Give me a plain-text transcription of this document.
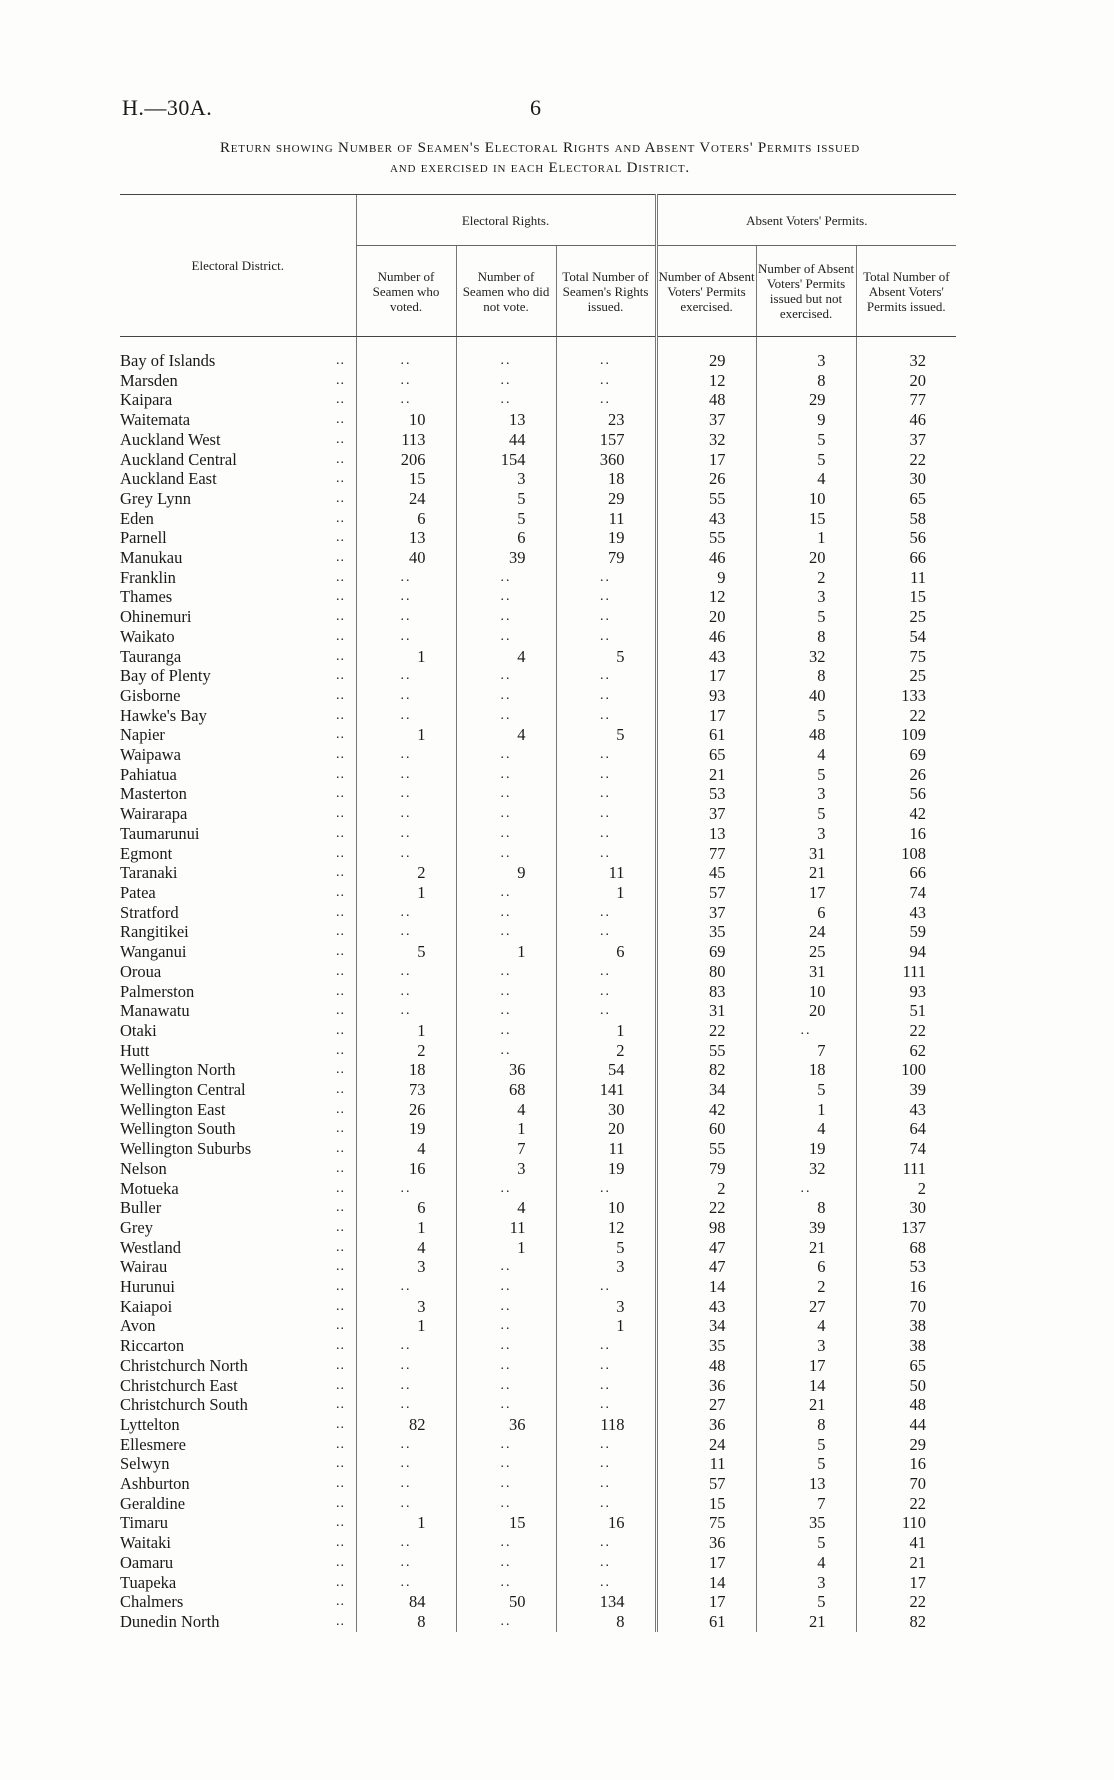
H.—30A.	6
Return showing Number of Seamen's Electoral Rights and Absent Voters' Permits issued
and exercised in each Electoral District.
Electoral District.		Electoral Rights.			Absent Voters' Permits.		
		Number of Seamen who voted.	Number of Seamen who did not vote.	Total Number of Seamen's Rights issued.	Number of Absent Voters' Permits exercised.	Number of Absent Voters' Permits issued but not exercised.	Total Number of Absent Voters' Permits issued.
Bay of Islands	..	..	..	..	29	3	32
Marsden	..	..	..	..	12	8	20
Kaipara	..	..	..	..	48	29	77
Waitemata	..	10	13	23	37	9	46
Auckland West	..	113	44	157	32	5	37
Auckland Central	..	206	154	360	17	5	22
Auckland East	..	15	3	18	26	4	30
Grey Lynn	..	24	5	29	55	10	65
Eden	..	6	5	11	43	15	58
Parnell	..	13	6	19	55	1	56
Manukau	..	40	39	79	46	20	66
Franklin	..	..	..	..	9	2	11
Thames	..	..	..	..	12	3	15
Ohinemuri	..	..	..	..	20	5	25
Waikato	..	..	..	..	46	8	54
Tauranga	..	1	4	5	43	32	75
Bay of Plenty	..	..	..	..	17	8	25
Gisborne	..	..	..	..	93	40	133
Hawke's Bay	..	..	..	..	17	5	22
Napier	..	1	4	5	61	48	109
Waipawa	..	..	..	..	65	4	69
Pahiatua	..	..	..	..	21	5	26
Masterton	..	..	..	..	53	3	56
Wairarapa	..	..	..	..	37	5	42
Taumarunui	..	..	..	..	13	3	16
Egmont	..	..	..	..	77	31	108
Taranaki	..	2	9	11	45	21	66
Patea	..	1	..	1	57	17	74
Stratford	..	..	..	..	37	6	43
Rangitikei	..	..	..	..	35	24	59
Wanganui	..	5	1	6	69	25	94
Oroua	..	..	..	..	80	31	111
Palmerston	..	..	..	..	83	10	93
Manawatu	..	..	..	..	31	20	51
Otaki	..	1	..	1	22	..	22
Hutt	..	2	..	2	55	7	62
Wellington North	..	18	36	54	82	18	100
Wellington Central	..	73	68	141	34	5	39
Wellington East	..	26	4	30	42	1	43
Wellington South	..	19	1	20	60	4	64
Wellington Suburbs	..	4	7	11	55	19	74
Nelson	..	16	3	19	79	32	111
Motueka	..	..	..	..	2	..	2
Buller	..	6	4	10	22	8	30
Grey	..	1	11	12	98	39	137
Westland	..	4	1	5	47	21	68
Wairau	..	3	..	3	47	6	53
Hurunui	..	..	..	..	14	2	16
Kaiapoi	..	3	..	3	43	27	70
Avon	..	1	..	1	34	4	38
Riccarton	..	..	..	..	35	3	38
Christchurch North	..	..	..	..	48	17	65
Christchurch East	..	..	..	..	36	14	50
Christchurch South	..	..	..	..	27	21	48
Lyttelton	..	82	36	118	36	8	44
Ellesmere	..	..	..	..	24	5	29
Selwyn	..	..	..	..	11	5	16
Ashburton	..	..	..	..	57	13	70
Geraldine	..	..	..	..	15	7	22
Timaru	..	1	15	16	75	35	110
Waitaki	..	..	..	..	36	5	41
Oamaru	..	..	..	..	17	4	21
Tuapeka	..	..	..	..	14	3	17
Chalmers	..	84	50	134	17	5	22
Dunedin North	..	8	..	8	61	21	82
